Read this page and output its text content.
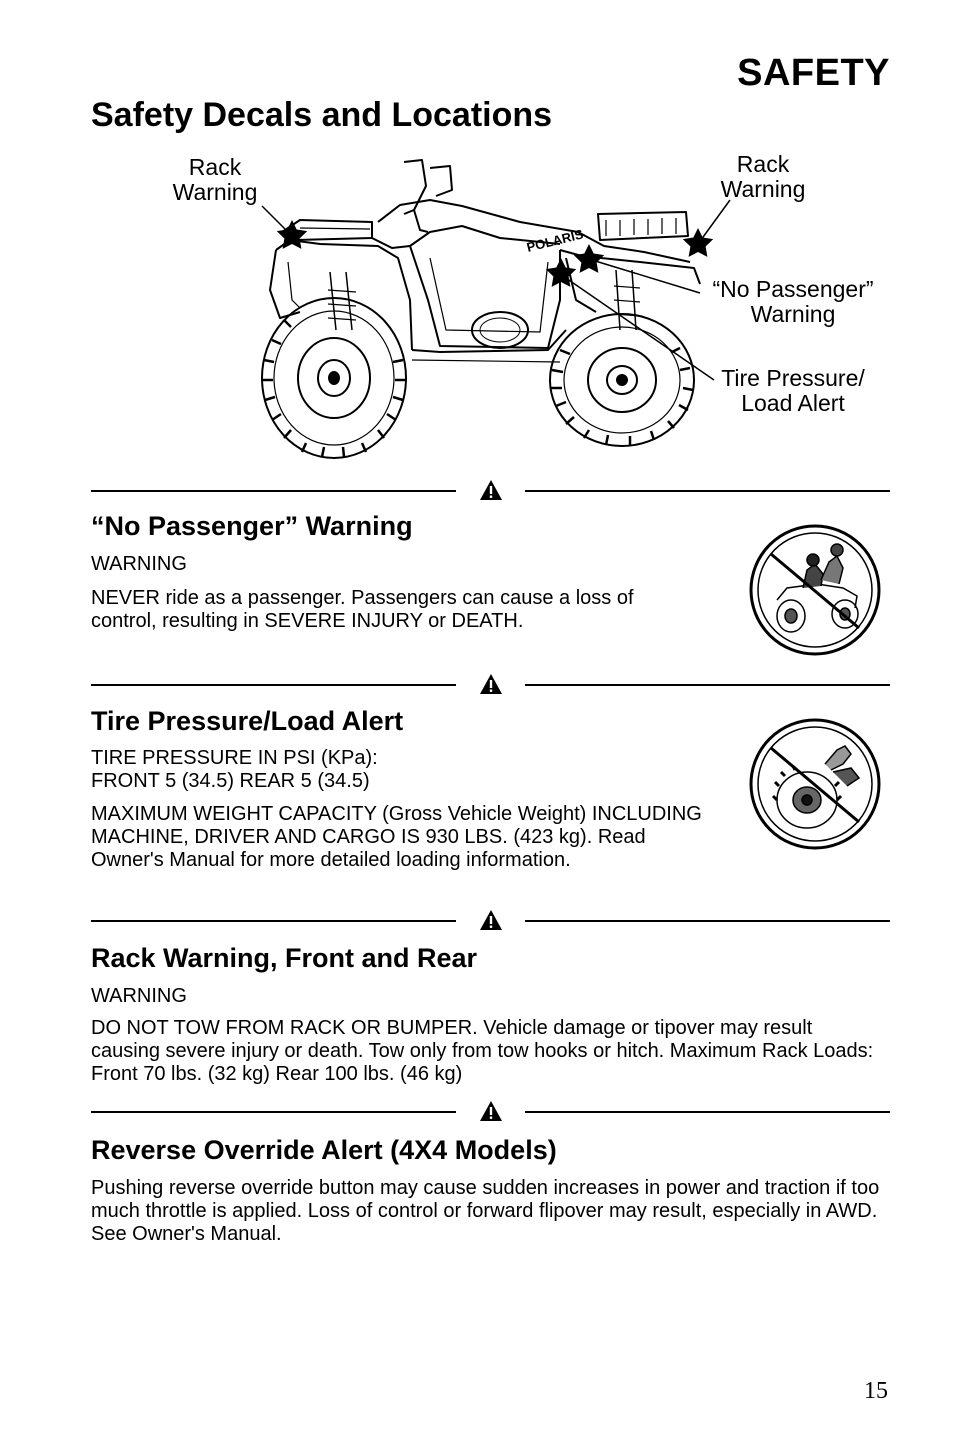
SAFETY
Safety Decals and Locations
Rack
Warning
Rack
Warning
“No Passenger”
Warning
Tire Pressure/
Load Alert
POLARIS
“No Passenger” Warning

WARNING

NEVER ride as a passenger. Passengers can cause a loss of control, resulting in SEVERE INJURY or DEATH.

Tire Pressure/Load Alert

TIRE PRESSURE IN PSI (KPa):

FRONT 5 (34.5) REAR 5 (34.5)

MAXIMUM WEIGHT CAPACITY (Gross Vehicle Weight) INCLUDING MACHINE, DRIVER AND CARGO IS 930 LBS. (423 kg). Read Owner's Manual for more detailed loading information.

Rack Warning, Front and Rear

WARNING

DO NOT TOW FROM RACK OR BUMPER. Vehicle damage or tipover may result causing severe injury or death. Tow only from tow hooks or hitch. Maximum Rack Loads: Front 70 lbs. (32 kg) Rear 100 lbs. (46 kg)

Reverse Override Alert (4X4 Models)

Pushing reverse override button may cause sudden increases in power and traction if too much throttle is applied. Loss of control or forward flipover may result, especially in AWD. See Owner's Manual.

15
